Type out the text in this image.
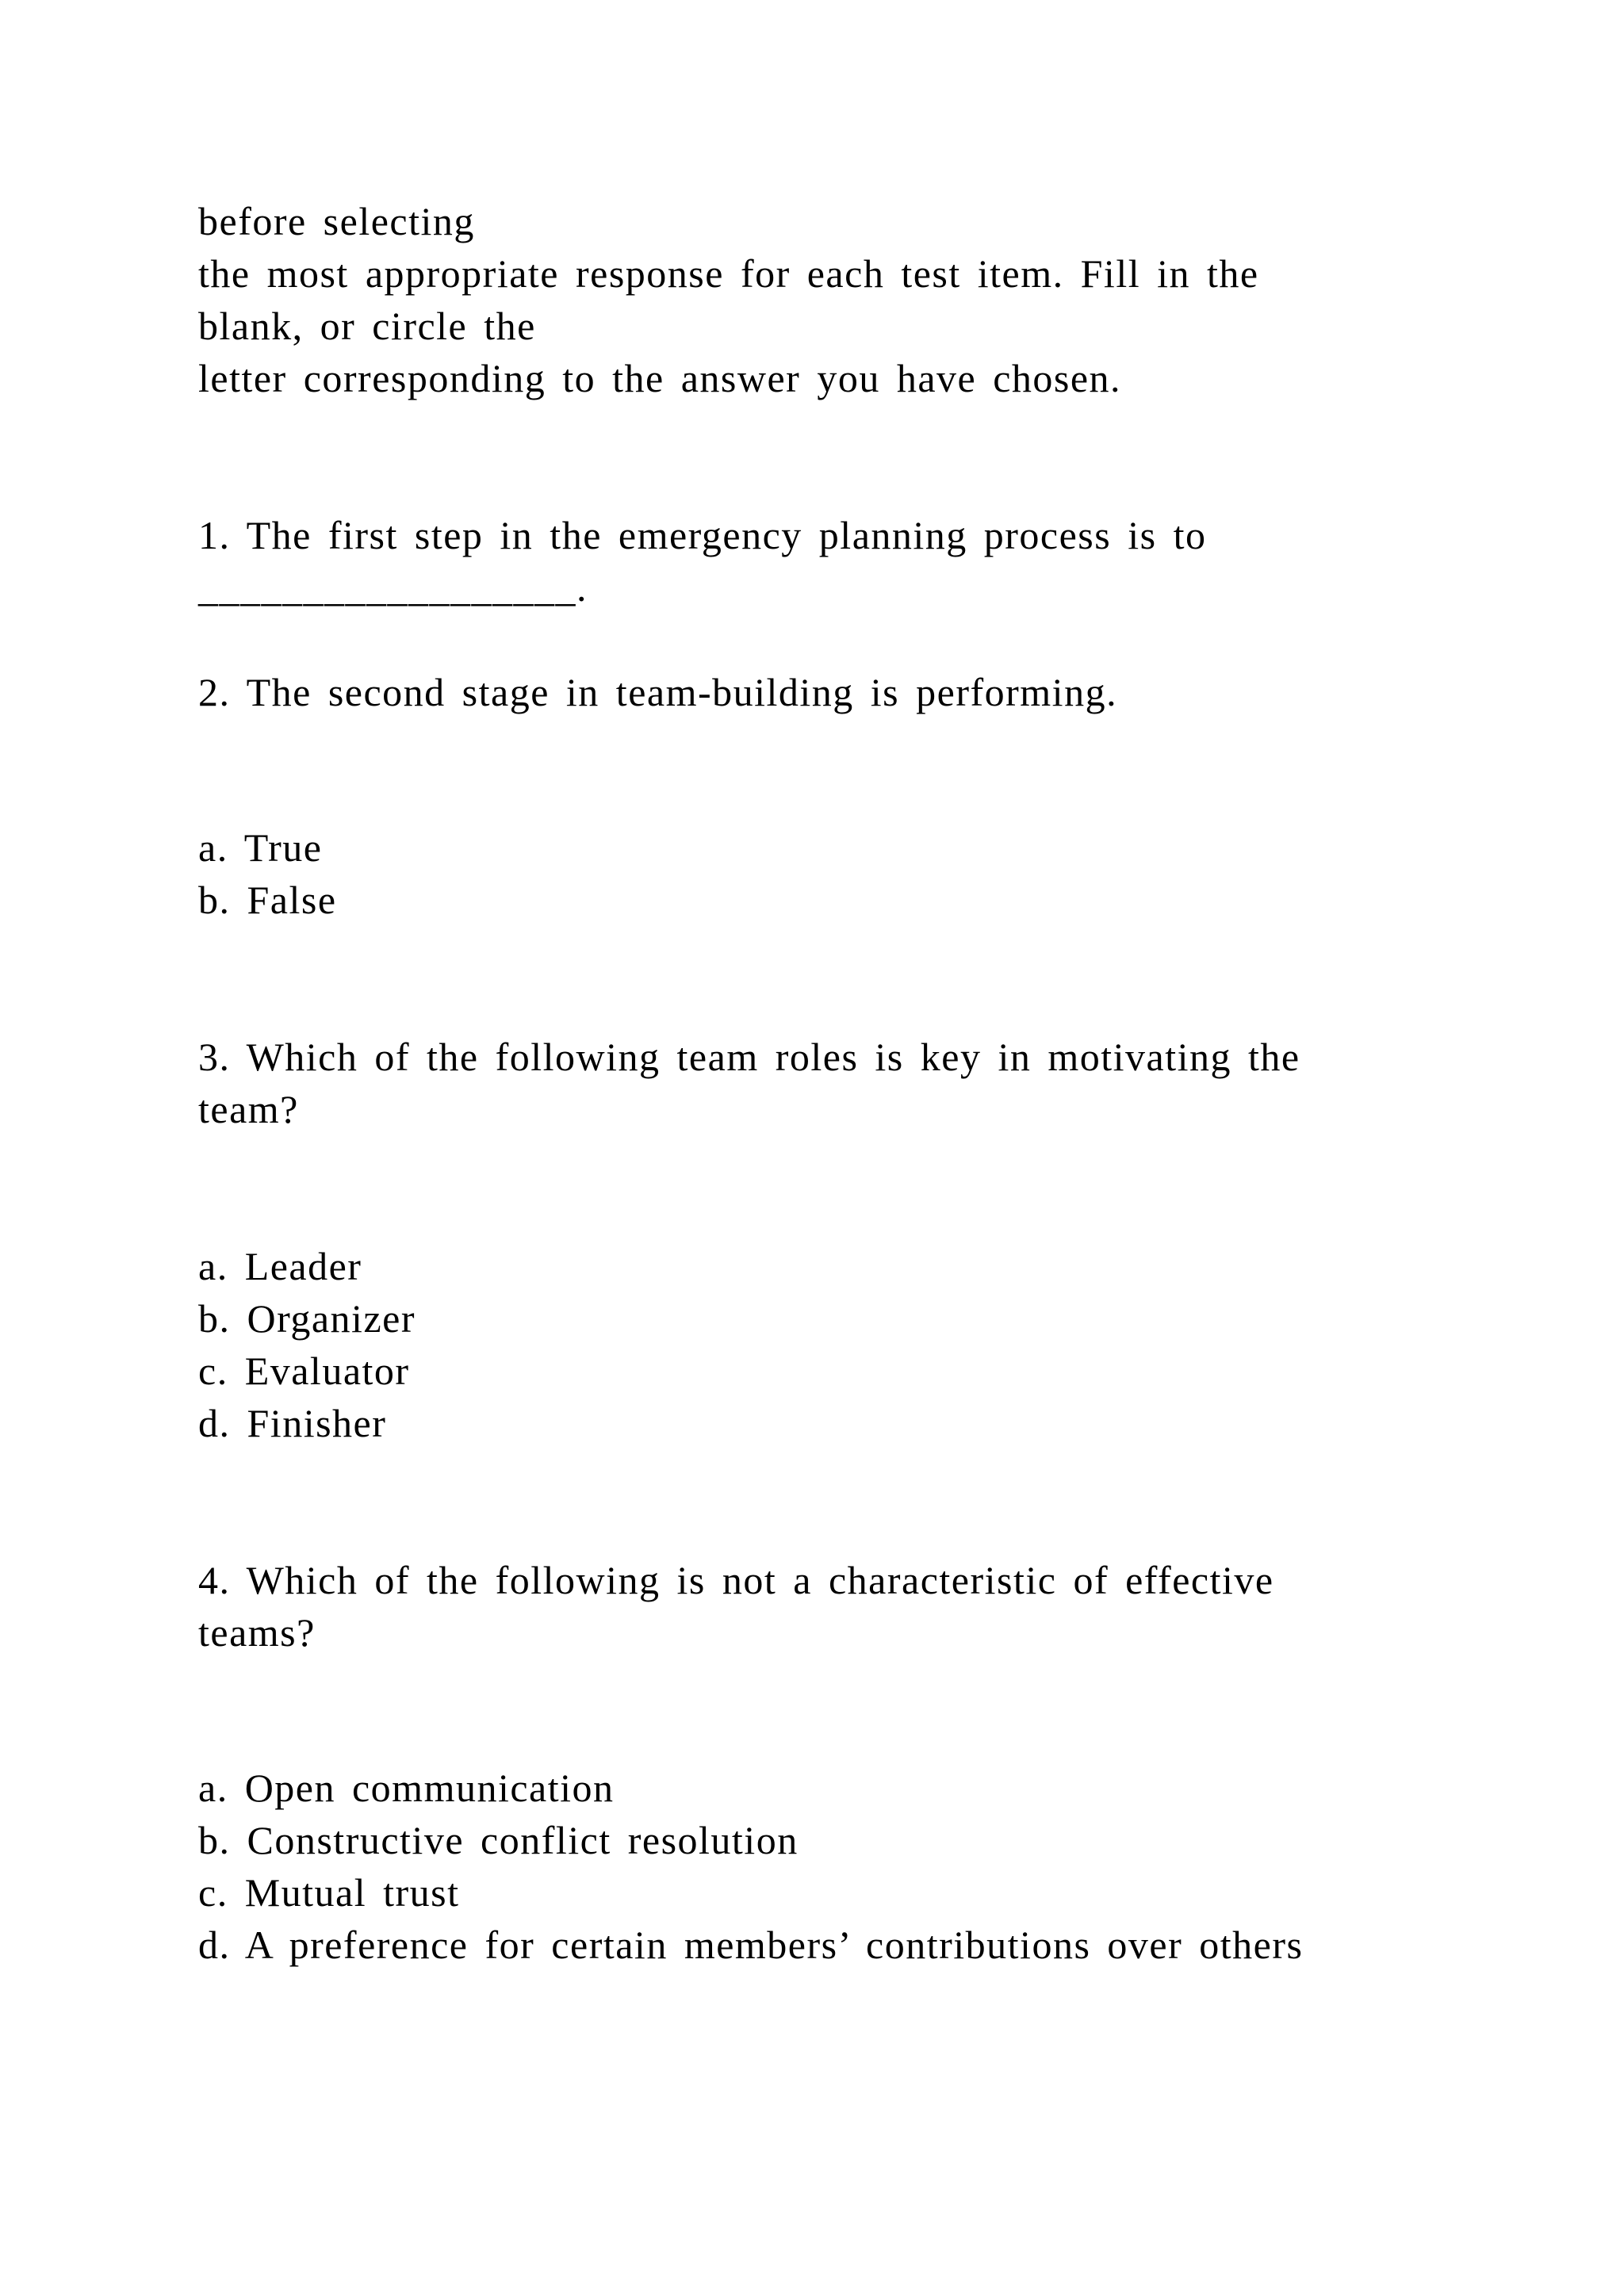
before selecting
the most appropriate response for each test item. Fill in the
blank, or circle the
letter corresponding to the answer you have chosen.
1. The first step in the emergency planning process is to
__________________.
2. The second stage in team-building is performing.
a. True
b. False
3. Which of the following team roles is key in motivating the
team?
a. Leader
b. Organizer
c. Evaluator
d. Finisher
4. Which of the following is not a characteristic of effective
teams?
a. Open communication
b. Constructive conflict resolution
c. Mutual trust
d. A preference for certain members’ contributions over others
